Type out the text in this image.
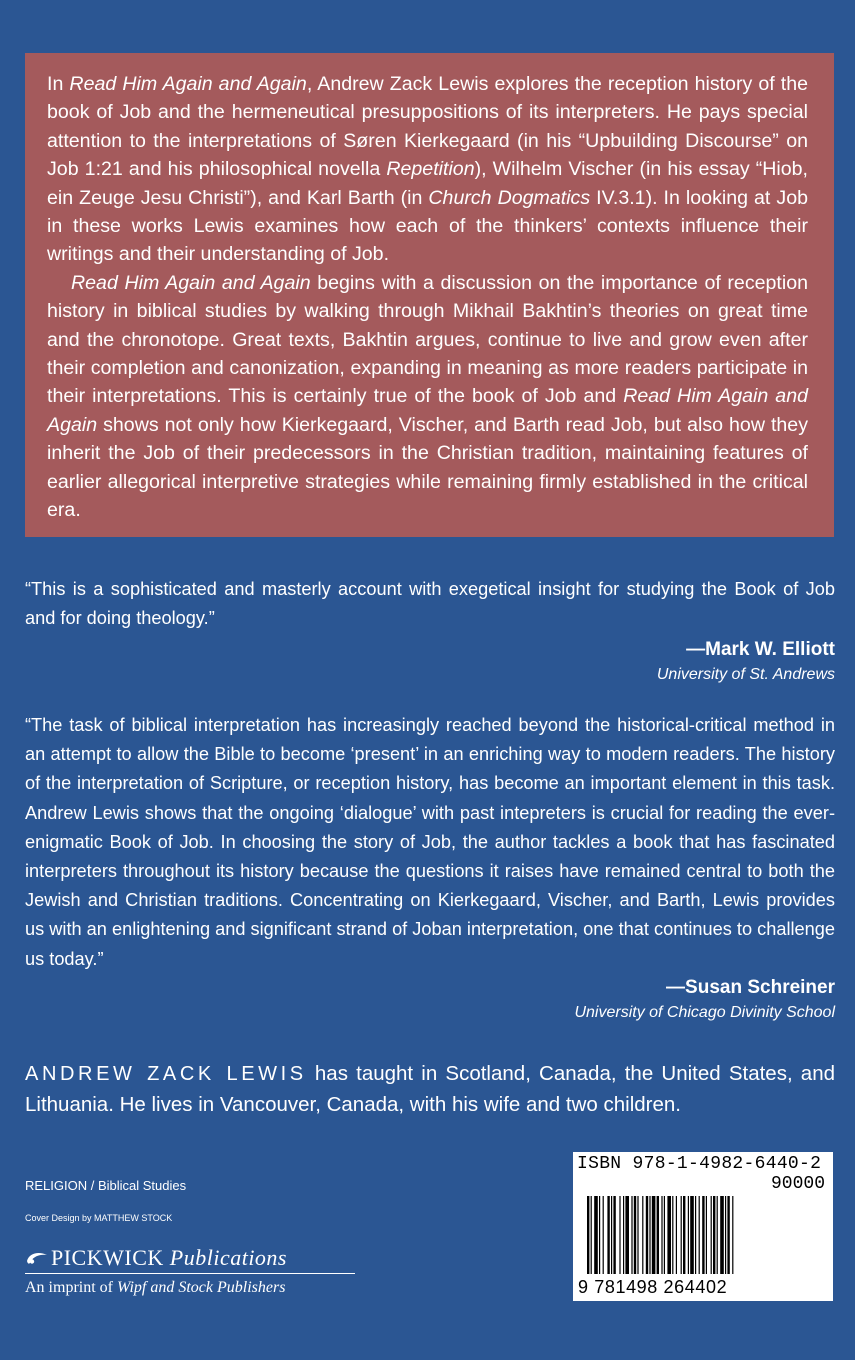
In Read Him Again and Again, Andrew Zack Lewis explores the reception history of the book of Job and the hermeneutical presuppositions of its interpreters. He pays special attention to the interpretations of Søren Kierkegaard (in his “Upbuilding Discourse” on Job 1:21 and his philosophical novella Repetition), Wilhelm Vischer (in his essay “Hiob, ein Zeuge Jesu Christi”), and Karl Barth (in Church Dogmatics IV.3.1). In looking at Job in these works Lewis examines how each of the thinkers’ contexts influence their writings and their understanding of Job.

Read Him Again and Again begins with a discussion on the importance of reception history in biblical studies by walking through Mikhail Bakhtin’s theories on great time and the chronotope. Great texts, Bakhtin argues, continue to live and grow even after their completion and canonization, expanding in meaning as more readers participate in their interpretations. This is certainly true of the book of Job and Read Him Again and Again shows not only how Kierkegaard, Vischer, and Barth read Job, but also how they inherit the Job of their predecessors in the Christian tradition, maintaining features of earlier allegorical interpretive strategies while remaining firmly established in the critical era.

“This is a sophisticated and masterly account with exegetical insight for studying the Book of Job and for doing theology.”
—Mark W. Elliott
University of St. Andrews
“The task of biblical interpretation has increasingly reached beyond the historical-critical method in an attempt to allow the Bible to become ‘present’ in an enriching way to modern readers. The history of the interpretation of Scripture, or reception history, has become an important element in this task. Andrew Lewis shows that the ongoing ‘dialogue’ with past intepreters is crucial for reading the ever-enigmatic Book of Job. In choosing the story of Job, the author tackles a book that has fascinated interpreters throughout its history because the questions it raises have remained central to both the Jewish and Christian traditions. Concentrating on Kierkegaard, Vischer, and Barth, Lewis provides us with an enlightening and significant strand of Joban interpretation, one that continues to challenge us today.”
—Susan Schreiner
University of Chicago Divinity School
ANDREW ZACK LEWIS has taught in Scotland, Canada, the United States, and Lithuania. He lives in Vancouver, Canada, with his wife and two children.
RELIGION / Biblical Studies
Cover Design by MATTHEW STOCK
PICKWICK Publications
An imprint of Wipf and Stock Publishers
ISBN 978-1-4982-6440-2
90000
9 781498 264402
